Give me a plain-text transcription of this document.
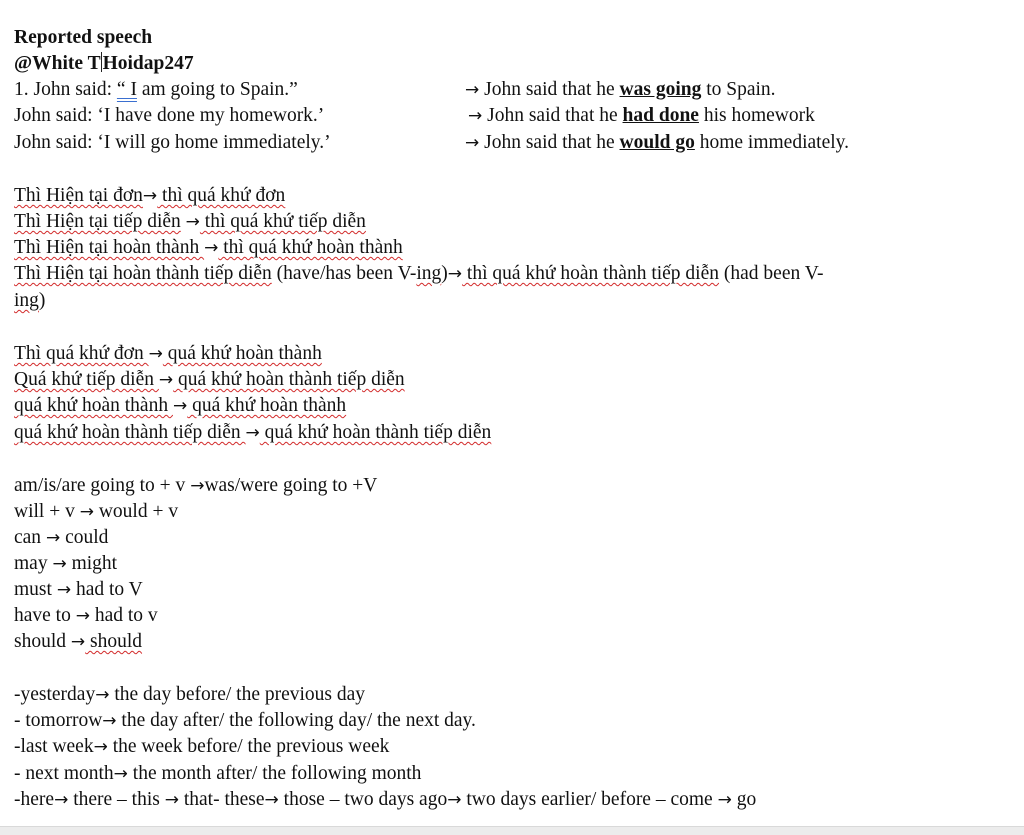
Reported speech
@White T Hoidap247
1. John said: “ I am going to Spain.”	→ John said that he was going to Spain.
John said: ‘I have done my homework.’	→ John said that he had done his homework
John said: ‘I will go home immediately.’	→ John said that he would go home immediately.
Thì Hiện tại đơn→ thì quá khứ đơn
Thì Hiện tại tiếp diễn → thì quá khứ tiếp diễn
Thì Hiện tại hoàn thành → thì quá khứ hoàn thành
Thì Hiện tại hoàn thành tiếp diễn (have/has been V-ing)→ thì quá khứ hoàn thành tiếp diễn (had been V-
ing)
Thì quá khứ đơn → quá khứ hoàn thành
Quá khứ tiếp diễn → quá khứ hoàn thành tiếp diễn
quá khứ hoàn thành → quá khứ hoàn thành
quá khứ hoàn thành tiếp diễn → quá khứ hoàn thành tiếp diễn
am/is/are going to + v →was/were going to +V
will + v → would + v
can → could
may → might
must → had to V
have to → had to v
should → should
-yesterday→ the day before/ the previous day
- tomorrow→ the day after/ the following day/ the next day.
-last week→ the week before/ the previous week
- next month→ the month after/ the following month
-here→ there – this → that- these→ those – two days ago→ two days earlier/ before – come → go
